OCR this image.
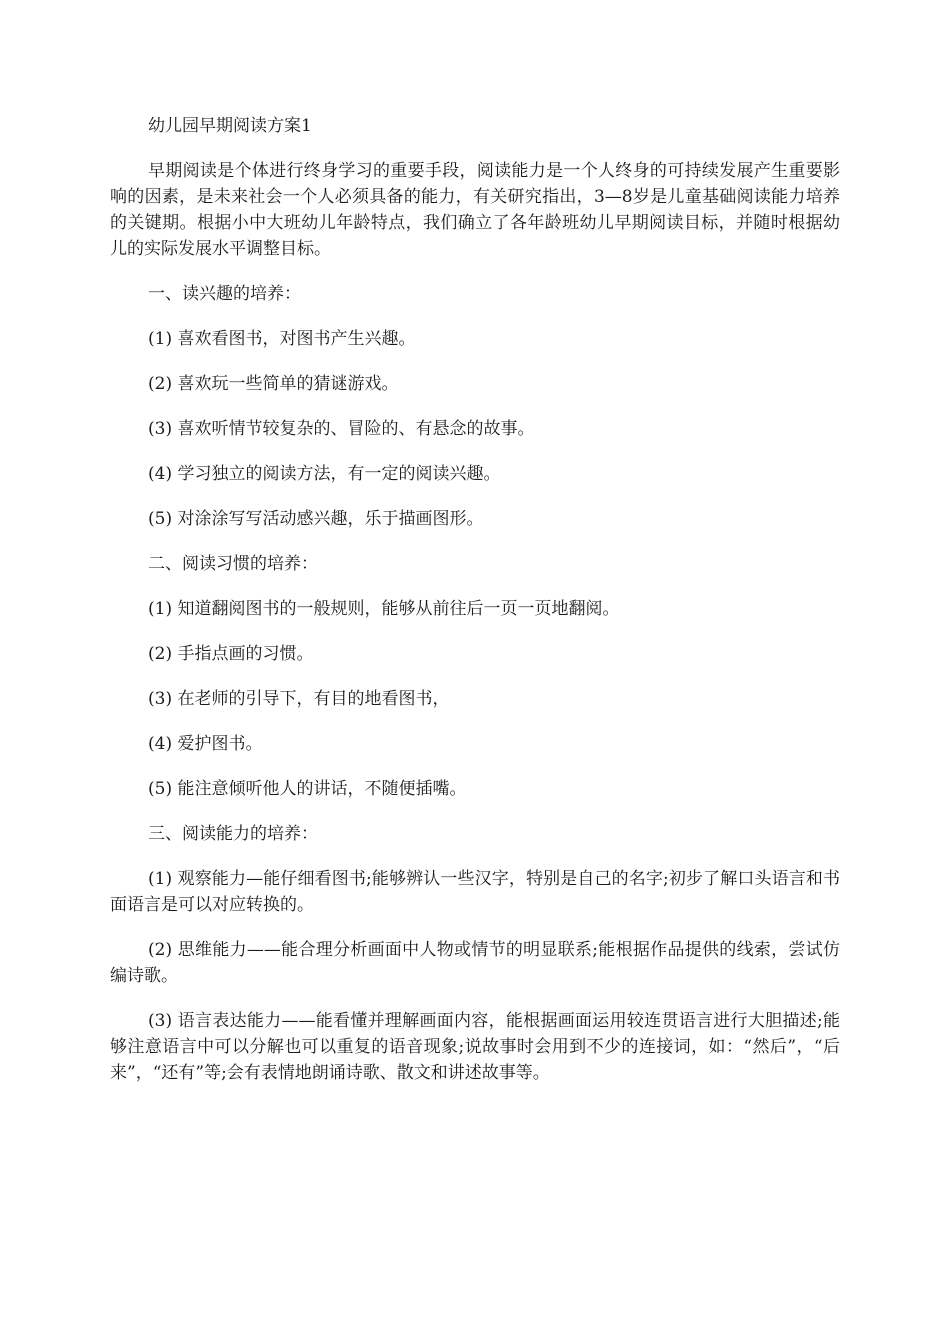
幼儿园早期阅读方案1

早期阅读是个体进行终身学习的重要手段，阅读能力是一个人终身的可持续发展产生重要影响的因素，是未来社会一个人必须具备的能力，有关研究指出，3—8岁是儿童基础阅读能力培养的关键期。根据小中大班幼儿年龄特点，我们确立了各年龄班幼儿早期阅读目标，并随时根据幼儿的实际发展水平调整目标。

一、读兴趣的培养：

(1) 喜欢看图书，对图书产生兴趣。

(2) 喜欢玩一些简单的猜谜游戏。

(3) 喜欢听情节较复杂的、冒险的、有悬念的故事。

(4) 学习独立的阅读方法，有一定的阅读兴趣。

(5) 对涂涂写写活动感兴趣，乐于描画图形。

二、阅读习惯的培养：

(1) 知道翻阅图书的一般规则，能够从前往后一页一页地翻阅。

(2) 手指点画的习惯。

(3) 在老师的引导下，有目的地看图书，

(4) 爱护图书。

(5) 能注意倾听他人的讲话，不随便插嘴。

三、阅读能力的培养：

(1) 观察能力—能仔细看图书;能够辨认一些汉字，特别是自己的名字;初步了解口头语言和书面语言是可以对应转换的。

(2) 思维能力——能合理分析画面中人物或情节的明显联系;能根据作品提供的线索，尝试仿编诗歌。

(3) 语言表达能力——能看懂并理解画面内容，能根据画面运用较连贯语言进行大胆描述;能够注意语言中可以分解也可以重复的语音现象;说故事时会用到不少的连接词，如：“然后”，“后来”，“还有”等;会有表情地朗诵诗歌、散文和讲述故事等。
